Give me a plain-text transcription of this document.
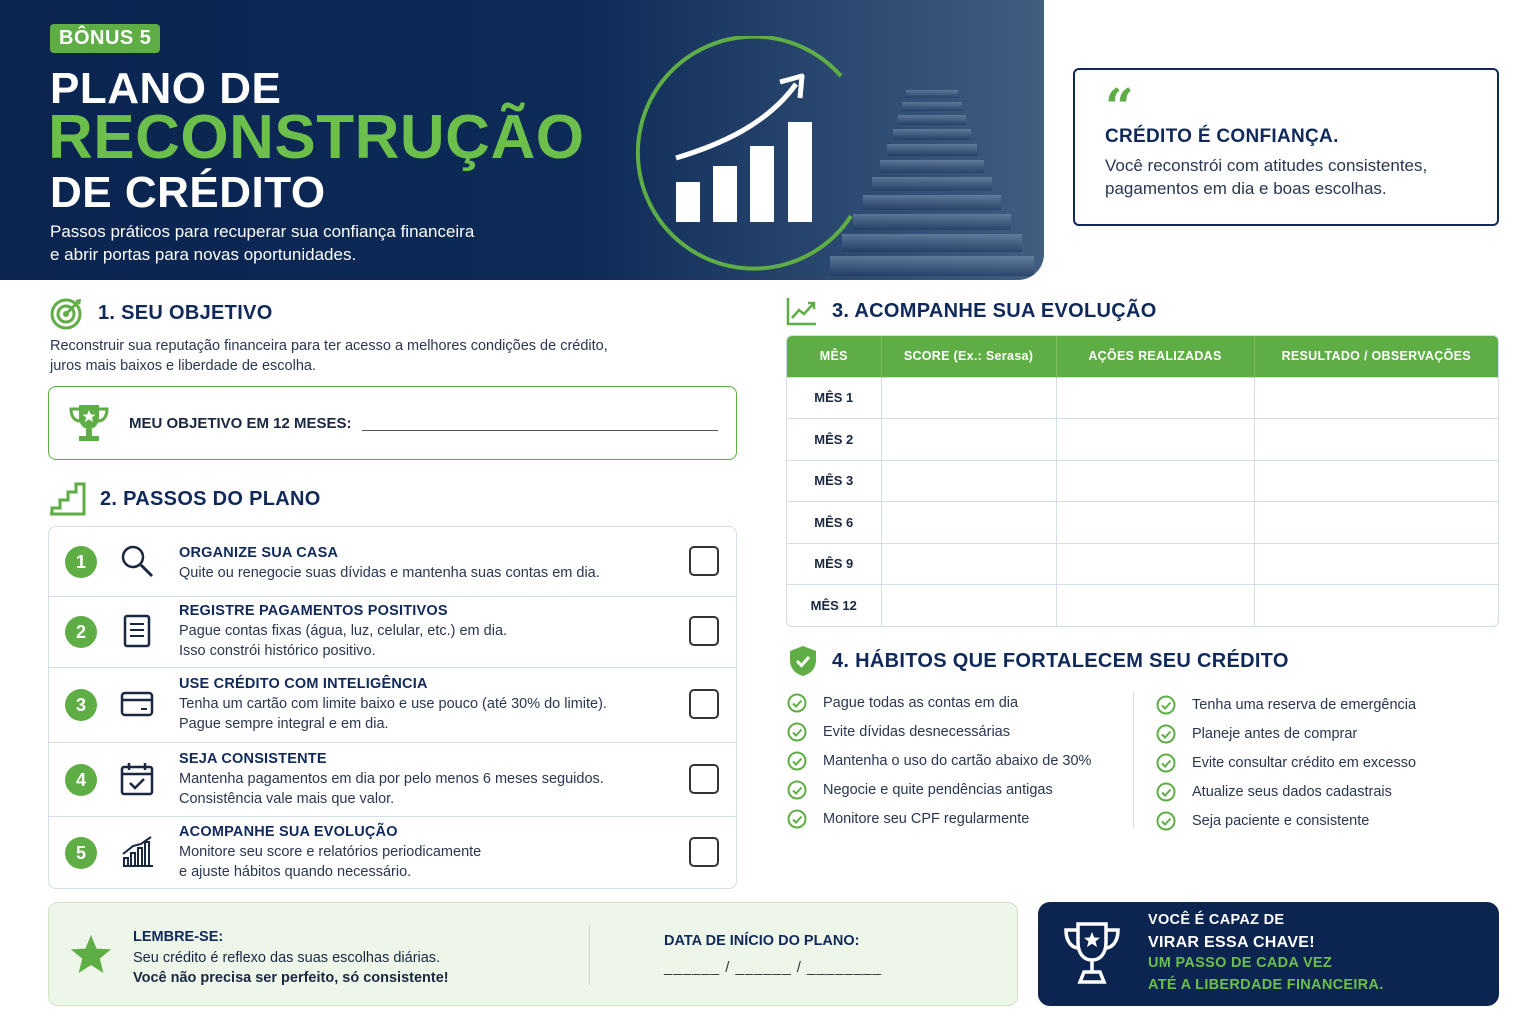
BÔNUS 5
PLANO DE
RECONSTRUÇÃO
DE CRÉDITO
Passos práticos para recuperar sua confiança financeira
e abrir portas para novas oportunidades.
“
CRÉDITO É CONFIANÇA.
Você reconstrói com atitudes consistentes,
pagamentos em dia e boas escolhas.
1. SEU OBJETIVO
Reconstruir sua reputação financeira para ter acesso a melhores condições de crédito,
juros mais baixos e liberdade de escolha.
MEU OBJETIVO EM 12 MESES:
2. PASSOS DO PLANO
1	ORGANIZE SUA CASA
Quite ou renegocie suas dívidas e mantenha suas contas em dia.
2
REGISTRE PAGAMENTOS POSITIVOS
Pague contas fixas (água, luz, celular, etc.) em dia.
Isso constrói histórico positivo.
3
USE CRÉDITO COM INTELIGÊNCIA
Tenha um cartão com limite baixo e use pouco (até 30% do limite).
Pague sempre integral e em dia.
4
SEJA CONSISTENTE
Mantenha pagamentos em dia por pelo menos 6 meses seguidos.
Consistência vale mais que valor.
5
ACOMPANHE SUA EVOLUÇÃO
Monitore seu score e relatórios periodicamente
e ajuste hábitos quando necessário.
3. ACOMPANHE SUA EVOLUÇÃO
MÊS	SCORE (Ex.: Serasa)	AÇÕES REALIZADAS	RESULTADO / OBSERVAÇÕES
MÊS 1			
MÊS 2			
MÊS 3			
MÊS 6			
MÊS 9			
MÊS 12			
4. HÁBITOS QUE FORTALECEM SEU CRÉDITO
Pague todas as contas em dia
Evite dívidas desnecessárias
Mantenha o uso do cartão abaixo de 30%
Negocie e quite pendências antigas
Monitore seu CPF regularmente
Tenha uma reserva de emergência
Planeje antes de comprar
Evite consultar crédito em excesso
Atualize seus dados cadastrais
Seja paciente e consistente
LEMBRE-SE:
Seu crédito é reflexo das suas escolhas diárias.
Você não precisa ser perfeito, só consistente!
DATA DE INÍCIO DO PLANO:
______ / ______ / ________
VOCÊ É CAPAZ DE
VIRAR ESSA CHAVE!
UM PASSO DE CADA VEZ
ATÉ A LIBERDADE FINANCEIRA.
